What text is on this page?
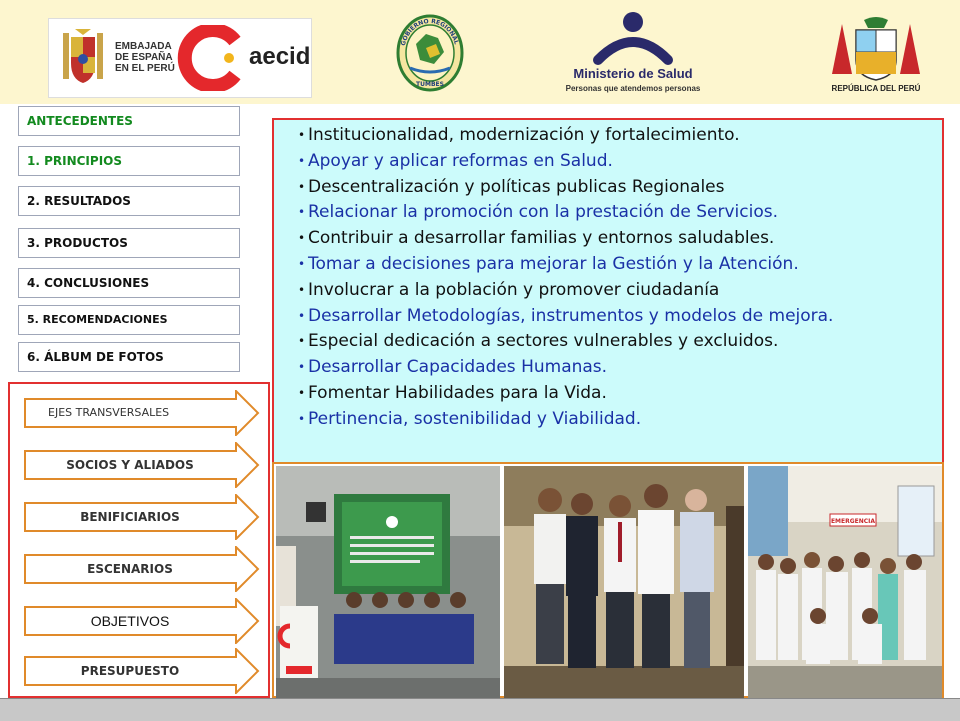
EMBAJADA
DE ESPAÑA
EN EL PERÚ	aecid	GOBIERNO REGIONAL
TUMBES
Ministerio de Salud
Personas que atendemos personas	REPÚBLICA DEL PERÚ
ANTECEDENTES
1. PRINCIPIOS
2. RESULTADOS
3. PRODUCTOS
4. CONCLUSIONES
5. RECOMENDACIONES
6. ÁLBUM DE FOTOS
EJES TRANSVERSALES
SOCIOS Y ALIADOS
BENIFICIARIOS
ESCENARIOS
OBJETIVOS
PRESUPUESTO
• Institucionalidad, modernización y fortalecimiento.
• Apoyar y aplicar reformas en Salud.
• Descentralización y políticas publicas Regionales
• Relacionar la promoción con la prestación de Servicios.
• Contribuir a desarrollar familias y entornos saludables.
• Tomar a decisiones para mejorar la Gestión y la Atención.
• Involucrar a la población y promover ciudadanía
• Desarrollar Metodologías, instrumentos y modelos de mejora.
• Especial dedicación a sectores vulnerables y excluidos.
• Desarrollar Capacidades Humanas.
• Fomentar Habilidades para la Vida.
• Pertinencia, sostenibilidad y Viabilidad.
EMERGENCIA
